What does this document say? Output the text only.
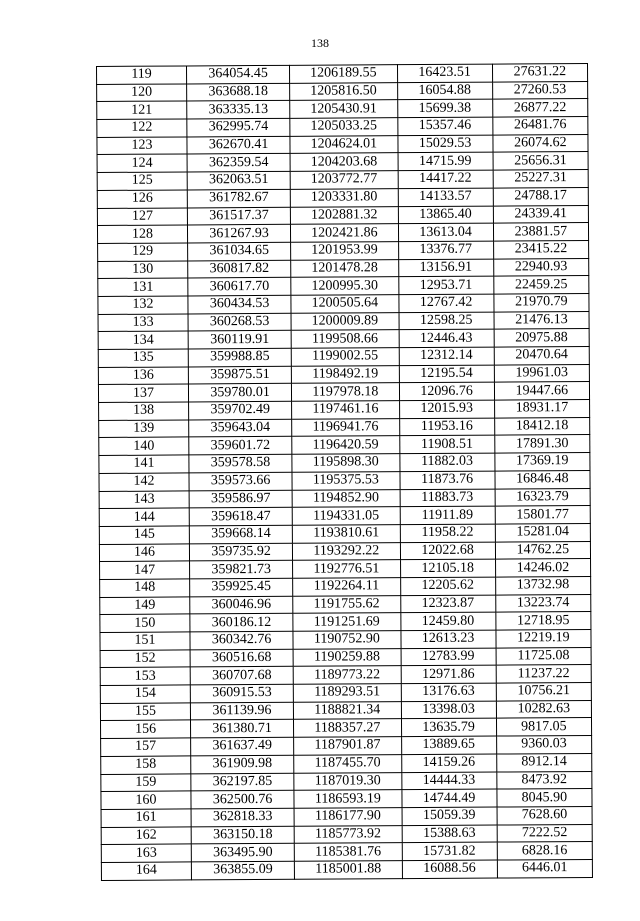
138
119	364054.45	1206189.55	16423.51	27631.22
120	363688.18	1205816.50	16054.88	27260.53
121	363335.13	1205430.91	15699.38	26877.22
122	362995.74	1205033.25	15357.46	26481.76
123	362670.41	1204624.01	15029.53	26074.62
124	362359.54	1204203.68	14715.99	25656.31
125	362063.51	1203772.77	14417.22	25227.31
126	361782.67	1203331.80	14133.57	24788.17
127	361517.37	1202881.32	13865.40	24339.41
128	361267.93	1202421.86	13613.04	23881.57
129	361034.65	1201953.99	13376.77	23415.22
130	360817.82	1201478.28	13156.91	22940.93
131	360617.70	1200995.30	12953.71	22459.25
132	360434.53	1200505.64	12767.42	21970.79
133	360268.53	1200009.89	12598.25	21476.13
134	360119.91	1199508.66	12446.43	20975.88
135	359988.85	1199002.55	12312.14	20470.64
136	359875.51	1198492.19	12195.54	19961.03
137	359780.01	1197978.18	12096.76	19447.66
138	359702.49	1197461.16	12015.93	18931.17
139	359643.04	1196941.76	11953.16	18412.18
140	359601.72	1196420.59	11908.51	17891.30
141	359578.58	1195898.30	11882.03	17369.19
142	359573.66	1195375.53	11873.76	16846.48
143	359586.97	1194852.90	11883.73	16323.79
144	359618.47	1194331.05	11911.89	15801.77
145	359668.14	1193810.61	11958.22	15281.04
146	359735.92	1193292.22	12022.68	14762.25
147	359821.73	1192776.51	12105.18	14246.02
148	359925.45	1192264.11	12205.62	13732.98
149	360046.96	1191755.62	12323.87	13223.74
150	360186.12	1191251.69	12459.80	12718.95
151	360342.76	1190752.90	12613.23	12219.19
152	360516.68	1190259.88	12783.99	11725.08
153	360707.68	1189773.22	12971.86	11237.22
154	360915.53	1189293.51	13176.63	10756.21
155	361139.96	1188821.34	13398.03	10282.63
156	361380.71	1188357.27	13635.79	9817.05
157	361637.49	1187901.87	13889.65	9360.03
158	361909.98	1187455.70	14159.26	8912.14
159	362197.85	1187019.30	14444.33	8473.92
160	362500.76	1186593.19	14744.49	8045.90
161	362818.33	1186177.90	15059.39	7628.60
162	363150.18	1185773.92	15388.63	7222.52
163	363495.90	1185381.76	15731.82	6828.16
164	363855.09	1185001.88	16088.56	6446.01
